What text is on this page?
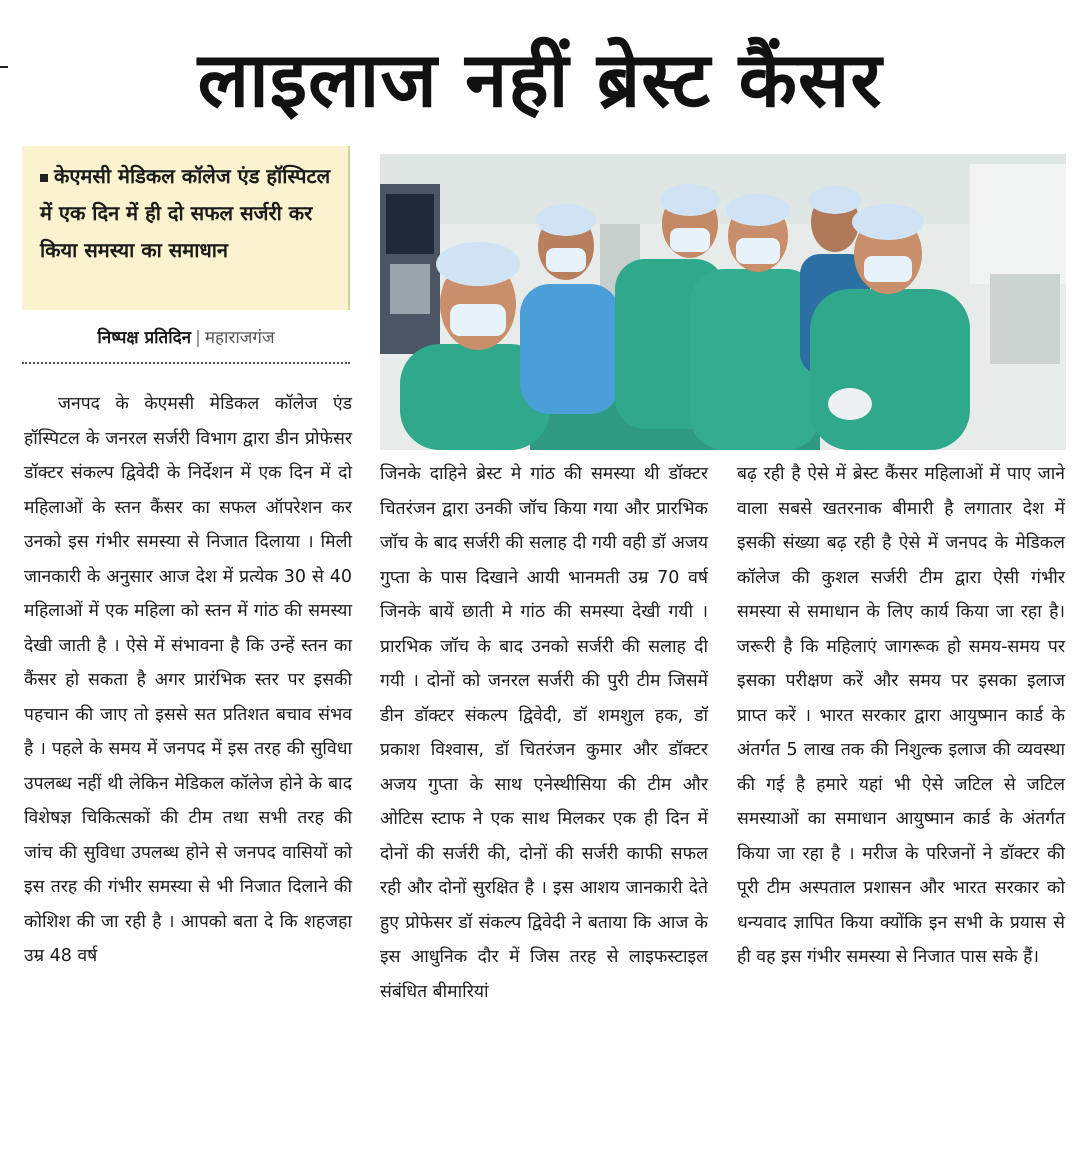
लाइलाज नहीं ब्रेस्ट कैंसर
केएमसी मेडिकल कॉलेज एंड हॉस्पिटल में एक दिन में ही दो सफल सर्जरी कर किया समस्या का समाधान
निष्पक्ष प्रतिदिन | महाराजगंज

जनपद के केएमसी मेडिकल कॉलेज एंड हॉस्पिटल के जनरल सर्जरी विभाग द्वारा डीन प्रोफेसर डॉक्टर संकल्प द्विवेदी के निर्देशन में एक दिन में दो महिलाओं के स्तन कैंसर का सफल ऑपरेशन कर उनको इस गंभीर समस्या से निजात दिलाया । मिली जानकारी के अनुसार आज देश में प्रत्येक 30 से 40 महिलाओं में एक महिला को स्तन में गांठ की समस्या देखी जाती है । ऐसे में संभावना है कि उन्हें स्तन का कैंसर हो सकता है अगर प्रारंभिक स्तर पर इसकी पहचान की जाए तो इससे सत प्रतिशत बचाव संभव है । पहले के समय में जनपद में इस तरह की सुविधा उपलब्ध नहीं थी लेकिन मेडिकल कॉलेज होने के बाद विशेषज्ञ चिकित्सकों की टीम तथा सभी तरह की जांच की सुविधा उपलब्ध होने से जनपद वासियों को इस तरह की गंभीर समस्या से भी निजात दिलाने की कोशिश की जा रही है । आपको बता दे कि शहजहा उम्र 48 वर्ष

जिनके दाहिने ब्रेस्ट मे गांठ की समस्या थी डॉक्टर चितरंजन द्वारा उनकी जॉच किया गया और प्रारभिक जॉच के बाद सर्जरी की सलाह दी गयी वही डॉ अजय गुप्ता के पास दिखाने आयी भानमती उम्र 70 वर्ष जिनके बायें छाती मे गांठ की समस्या देखी गयी । प्रारभिक जॉच के बाद उनको सर्जरी की सलाह दी गयी । दोनों को जनरल सर्जरी की पुरी टीम जिसमें डीन डॉक्टर संकल्प द्विवेदी, डॉ शमशुल हक, डॉ प्रकाश विश्वास, डॉ चितरंजन कुमार और डॉक्टर अजय गुप्ता के साथ एनेस्थीसिया की टीम और ओटिस स्टाफ ने एक साथ मिलकर एक ही दिन में दोनों की सर्जरी की, दोनों की सर्जरी काफी सफल रही और दोनों सुरक्षित है । इस आशय जानकारी देते हुए प्रोफेसर डॉ संकल्प द्विवेदी ने बताया कि आज के इस आधुनिक दौर में जिस तरह से लाइफस्टाइल संबंधित बीमारियां

बढ़ रही है ऐसे में ब्रेस्ट कैंसर महिलाओं में पाए जाने वाला सबसे खतरनाक बीमारी है लगातार देश में इसकी संख्या बढ़ रही है ऐसे में जनपद के मेडिकल कॉलेज की कुशल सर्जरी टीम द्वारा ऐसी गंभीर समस्या से समाधान के लिए कार्य किया जा रहा है। जरूरी है कि महिलाएं जागरूक हो समय-समय पर इसका परीक्षण करें और समय पर इसका इलाज प्राप्त करें । भारत सरकार द्वारा आयुष्मान कार्ड के अंतर्गत 5 लाख तक की निशुल्क इलाज की व्यवस्था की गई है हमारे यहां भी ऐसे जटिल से जटिल समस्याओं का समाधान आयुष्मान कार्ड के अंतर्गत किया जा रहा है । मरीज के परिजनों ने डॉक्टर की पूरी टीम अस्पताल प्रशासन और भारत सरकार को धन्यवाद ज्ञापित किया क्योंकि इन सभी के प्रयास से ही वह इस गंभीर समस्या से निजात पास सके हैं।
